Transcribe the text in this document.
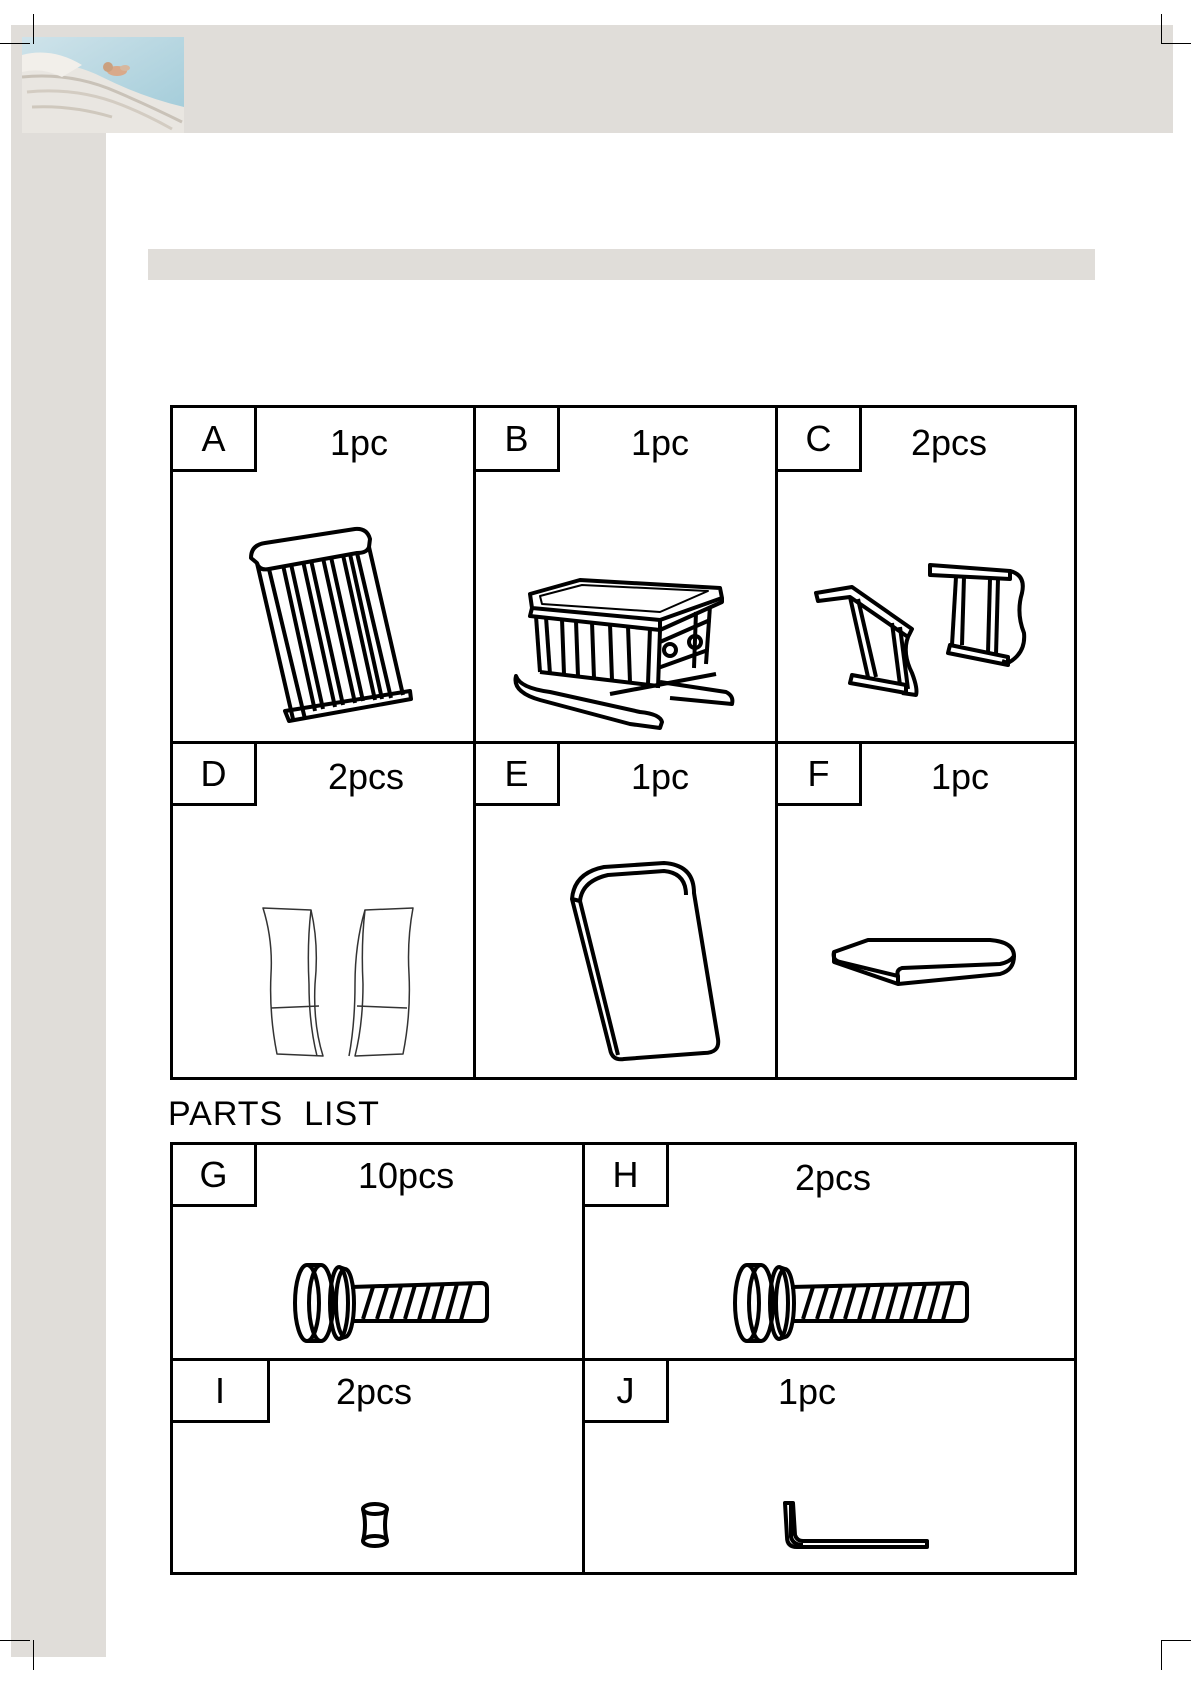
A	1pc	B	1pc	C	2pcs
D	2pcs	E	1pc	F	1pc
PARTS  LIST
G	10pcs	H	2pcs
I	2pcs	J	1pc
